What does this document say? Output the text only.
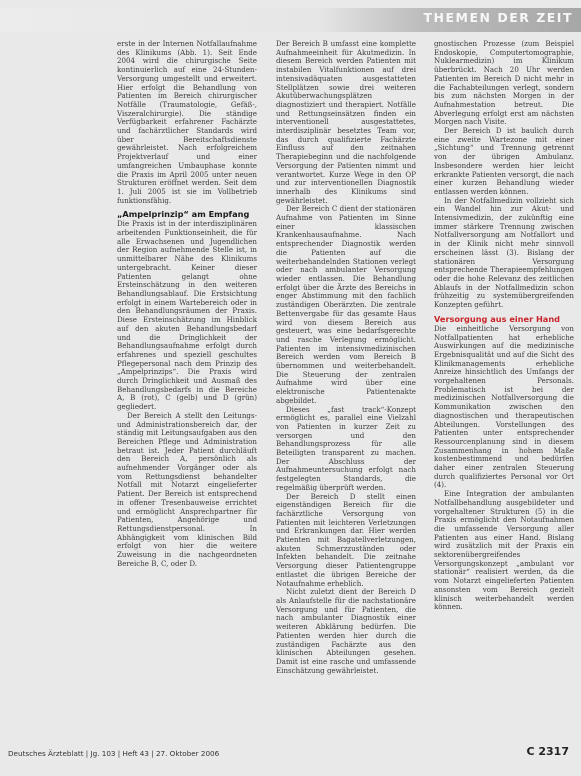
THEMEN DER ZEIT

erste in der Internen Notfallaufnahme des Klinikums (Abb. 1). Seit Ende 2004 wird die chirurgische Seite kontinuierlich auf eine 24-Stunden-Versorgung umgestellt und erweitert. Hier erfolgt die Behandlung von Patienten im Bereich chirurgischer Notfälle (Traumatologie, Gefäß-, Viszeralchirurgie). Die ständige Verfügbarkeit erfahrener Fachärzte und fachärztlicher Standards wird über Bereitschaftsdienste gewährleistet. Nach erfolgreichem Projektverlauf und einer umfangreichen Umbauphase konnte die Praxis im April 2005 unter neuen Strukturen eröffnet werden. Seit dem 1. Juli 2005 ist sie im Vollbetrieb funktionsfähig.

„Ampelprinzip“ am Empfang

Die Praxis ist in der interdisziplinären arbeitenden Funktionseinheit, die für alle Erwachsenen und Jugendlichen der Region aufnehmende Stelle ist, in unmittelbarer Nähe des Klinikums untergebracht. Keiner dieser Patienten gelangt ohne Ersteinschätzung in den weiteren Behandlungsablauf. Die Erstsichtung erfolgt in einem Wartebereich oder in den Behandlungsräumen der Praxis. Diese Ersteinschätzung im Hinblick auf den akuten Behandlungsbedarf und die Dringlichkeit der Behandlungsaufnahme erfolgt durch erfahrenes und speziell geschultes Pflegepersonal nach dem Prinzip des „Ampelprinzips“. Die Praxis wird durch Dringlichkeit und Ausmaß des Behandlungsbedarfs in die Bereiche A, B (rot), C (gelb) und D (grün) gegliedert.

Der Bereich A stellt den Leitungs- und Administrationsbereich dar, der ständig mit Leitungsaufgaben aus den Bereichen Pflege und Administration betraut ist. Jeder Patient durchläuft den Bereich A, persönlich als aufnehmender Vorgänger oder als vom Rettungsdienst behandelter Notfall mit Notarzt eingelieferter Patient. Der Bereich ist entsprechend in offener Tresenbauweise errichtet und ermöglicht Ansprechpartner für Patienten, Angehörige und Rettungsdienstpersonal. In Abhängigkeit vom klinischen Bild erfolgt von hier die weitere Zuweisung in die nachgeordneten Bereiche B, C, oder D.

Der Bereich B umfasst eine komplette Aufnahmeeinheit für Akutmedizin. In diesem Bereich werden Patienten mit instabilen Vitalfunktionen auf drei intensivadäquaten ausgestatteten Stellplätzen sowie drei weiteren Akutüberwachungsplätzen diagnostiziert und therapiert. Notfälle und Rettungseinsätzen finden ein interventionell ausgestattetes, interdisziplinär besetztes Team vor, das durch qualifizierte Fachärzte Einfluss auf den zeitnahen Therapiebeginn und die nachfolgende Versorgung der Patienten nimmt und verantwortet. Kurze Wege in den OP und zur interventionellen Diagnostik innerhalb des Klinikums sind gewährleistet.

Der Bereich C dient der stationären Aufnahme von Patienten im Sinne einer klassischen Krankenhausaufnahme. Nach entsprechender Diagnostik werden die Patienten auf die weiterbehandelnden Stationen verlegt oder nach ambulanter Versorgung wieder entlassen. Die Behandlung erfolgt über die Ärzte des Bereichs in enger Abstimmung mit den fachlich zuständigen Oberärzten. Die zentrale Bettenvergabe für das gesamte Haus wird von diesem Bereich aus gesteuert, was eine bedarfsgerechte und rasche Verlegung ermöglicht. Patienten im intensivmedizinischen Bereich werden vom Bereich B übernommen und weiterbehandelt. Die Steuerung der zentralen Aufnahme wird über eine elektronische Patientenakte abgebildet.

Dieses „fast track“-Konzept ermöglicht es, parallel eine Vielzahl von Patienten in kurzer Zeit zu versorgen und den Behandlungsprozess für alle Beteiligten transparent zu machen. Der Abschluss der Aufnahmeuntersuchung erfolgt nach festgelegten Standards, die regelmäßig überprüft werden.

Der Bereich D stellt einen eigenständigen Bereich für die fachärztliche Versorgung von Patienten mit leichteren Verletzungen und Erkrankungen dar. Hier werden Patienten mit Bagatellverletzungen, akuten Schmerzzuständen oder Infekten behandelt. Die zeitnahe Versorgung dieser Patientengruppe entlastet die übrigen Bereiche der Notaufnahme erheblich.

Nicht zuletzt dient der Bereich D als Anlaufstelle für die nachstationäre Versorgung und für Patienten, die nach ambulanter Diagnostik einer weiteren Abklärung bedürfen. Die Patienten werden hier durch die zuständigen Fachärzte aus den klinischen Abteilungen gesehen. Damit ist eine rasche und umfassende Einschätzung gewährleistet.

gnostischen Prozesse (zum Beispiel Endoskopie, Computertomographie, Nuklearmedizin) im Klinikum überbrückt. Nach 20 Uhr werden Patienten im Bereich D nicht mehr in die Fachabteilungen verlegt, sondern bis zum nächsten Morgen in der Aufnahmestation betreut. Die Abverlegung erfolgt erst am nächsten Morgen nach Visite.

Der Bereich D ist baulich durch eine zweite Wartezone mit einer „Sichtung“ und Trennung getrennt von der übrigen Ambulanz. Insbesondere werden hier leicht erkrankte Patienten versorgt, die nach einer kurzen Behandlung wieder entlassen werden können.

In der Notfallmedizin vollzieht sich ein Wandel hin zur Akut- und Intensivmedizin, der zukünftig eine immer stärkere Trennung zwischen Notfallversorgung am Notfallort und in der Klinik nicht mehr sinnvoll erscheinen lässt (3). Bislang der stationären Versorgung entsprechende Therapieempfehlungen oder die hohe Relevanz des zeitlichen Ablaufs in der Notfallmedizin schon frühzeitig zu systemübergreifenden Konzepten geführt.

Versorgung aus einer Hand

Die einheitliche Versorgung von Notfallpatienten hat erhebliche Auswirkungen auf die medizinische Ergebnisqualität und auf die Sicht des Klinikmanagements erhebliche Anreize hinsichtlich des Umfangs der vorgehaltenen Personals. Problematisch ist bei der medizinischen Notfallversorgung die Kommunikation zwischen den diagnostischen und therapeutischen Abteilungen. Vorstellungen des Patienten unter entsprechender Ressourcenplanung sind in diesem Zusammenhang in hohem Maße kostenbestimmend und bedürfen daher einer zentralen Steuerung durch qualifiziertes Personal vor Ort (4).

Eine Integration der ambulanten Notfallbehandlung ausgebildeter und vorgehaltener Strukturen (5) in die Praxis ermöglicht den Notaufnahmen die umfassende Versorgung aller Patienten aus einer Hand. Bislang wird zusätzlich mit der Praxis ein sektorenübergreifendes Versorgungskonzept „ambulant vor stationär“ realisiert werden, da die vom Notarzt eingelieferten Patienten ansonsten vom Bereich gezielt klinisch weiterbehandelt werden können.

Deutsches Ärzteblatt | Jg. 103 | Heft 43 | 27. Oktober 2006	C 2317
